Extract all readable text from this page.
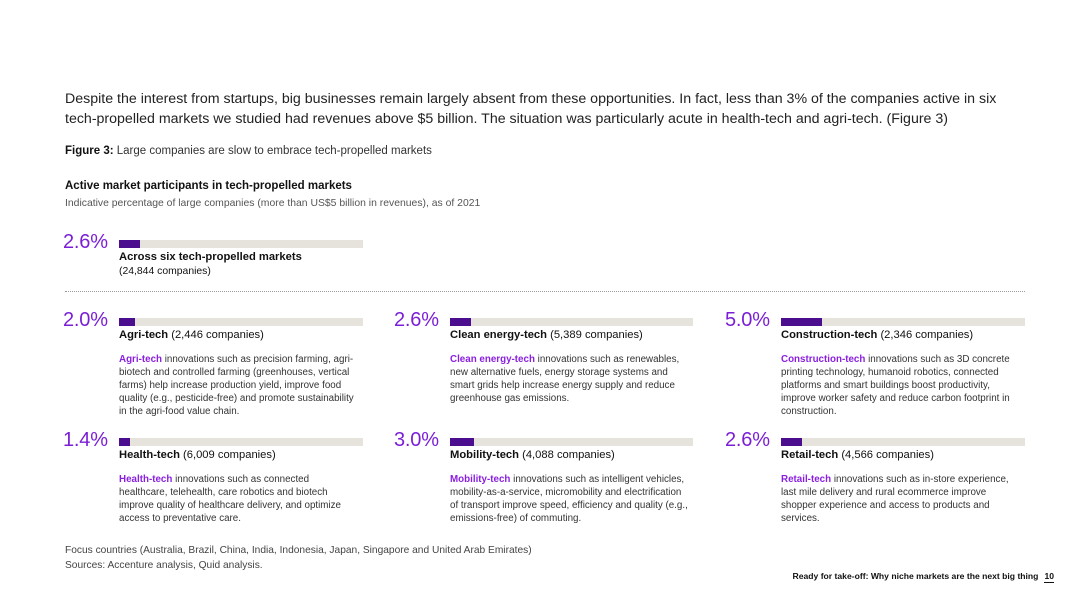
Despite the interest from startups, big businesses remain largely absent from these opportunities. In fact, less than 3% of the companies active in six tech-propelled markets we studied had revenues above $5 billion. The situation was particularly acute in health-tech and agri-tech. (Figure 3)
Figure 3: Large companies are slow to embrace tech-propelled markets
Active market participants in tech-propelled markets
Indicative percentage of large companies (more than US$5 billion in revenues), as of 2021
2.6%
Across six tech-propelled markets
(24,844 companies)
2.0%
Agri-tech (2,446 companies)
Agri-tech innovations such as precision farming, agri-biotech and controlled farming (greenhouses, vertical farms) help increase production yield, improve food quality (e.g., pesticide-free) and promote sustainability in the agri-food value chain.
2.6%
Clean energy-tech (5,389 companies)
Clean energy-tech innovations such as renewables, new alternative fuels, energy storage systems and smart grids help increase energy supply and reduce greenhouse gas emissions.
5.0%
Construction-tech (2,346 companies)
Construction-tech innovations such as 3D concrete printing technology, humanoid robotics, connected platforms and smart buildings boost productivity, improve worker safety and reduce carbon footprint in construction.
1.4%
Health-tech (6,009 companies)
Health-tech innovations such as connected healthcare, telehealth, care robotics and biotech improve quality of healthcare delivery, and optimize access to preventative care.
3.0%
Mobility-tech (4,088 companies)
Mobility-tech innovations such as intelligent vehicles, mobility-as-a-service, micromobility and electrification of transport improve speed, efficiency and quality (e.g., emissions-free) of commuting.
2.6%
Retail-tech (4,566 companies)
Retail-tech innovations such as in-store experience, last mile delivery and rural ecommerce improve shopper experience and access to products and services.
Focus countries (Australia, Brazil, China, India, Indonesia, Japan, Singapore and United Arab Emirates)
Sources: Accenture analysis, Quid analysis.
Ready for take-off: Why niche markets are the next big thing 10
